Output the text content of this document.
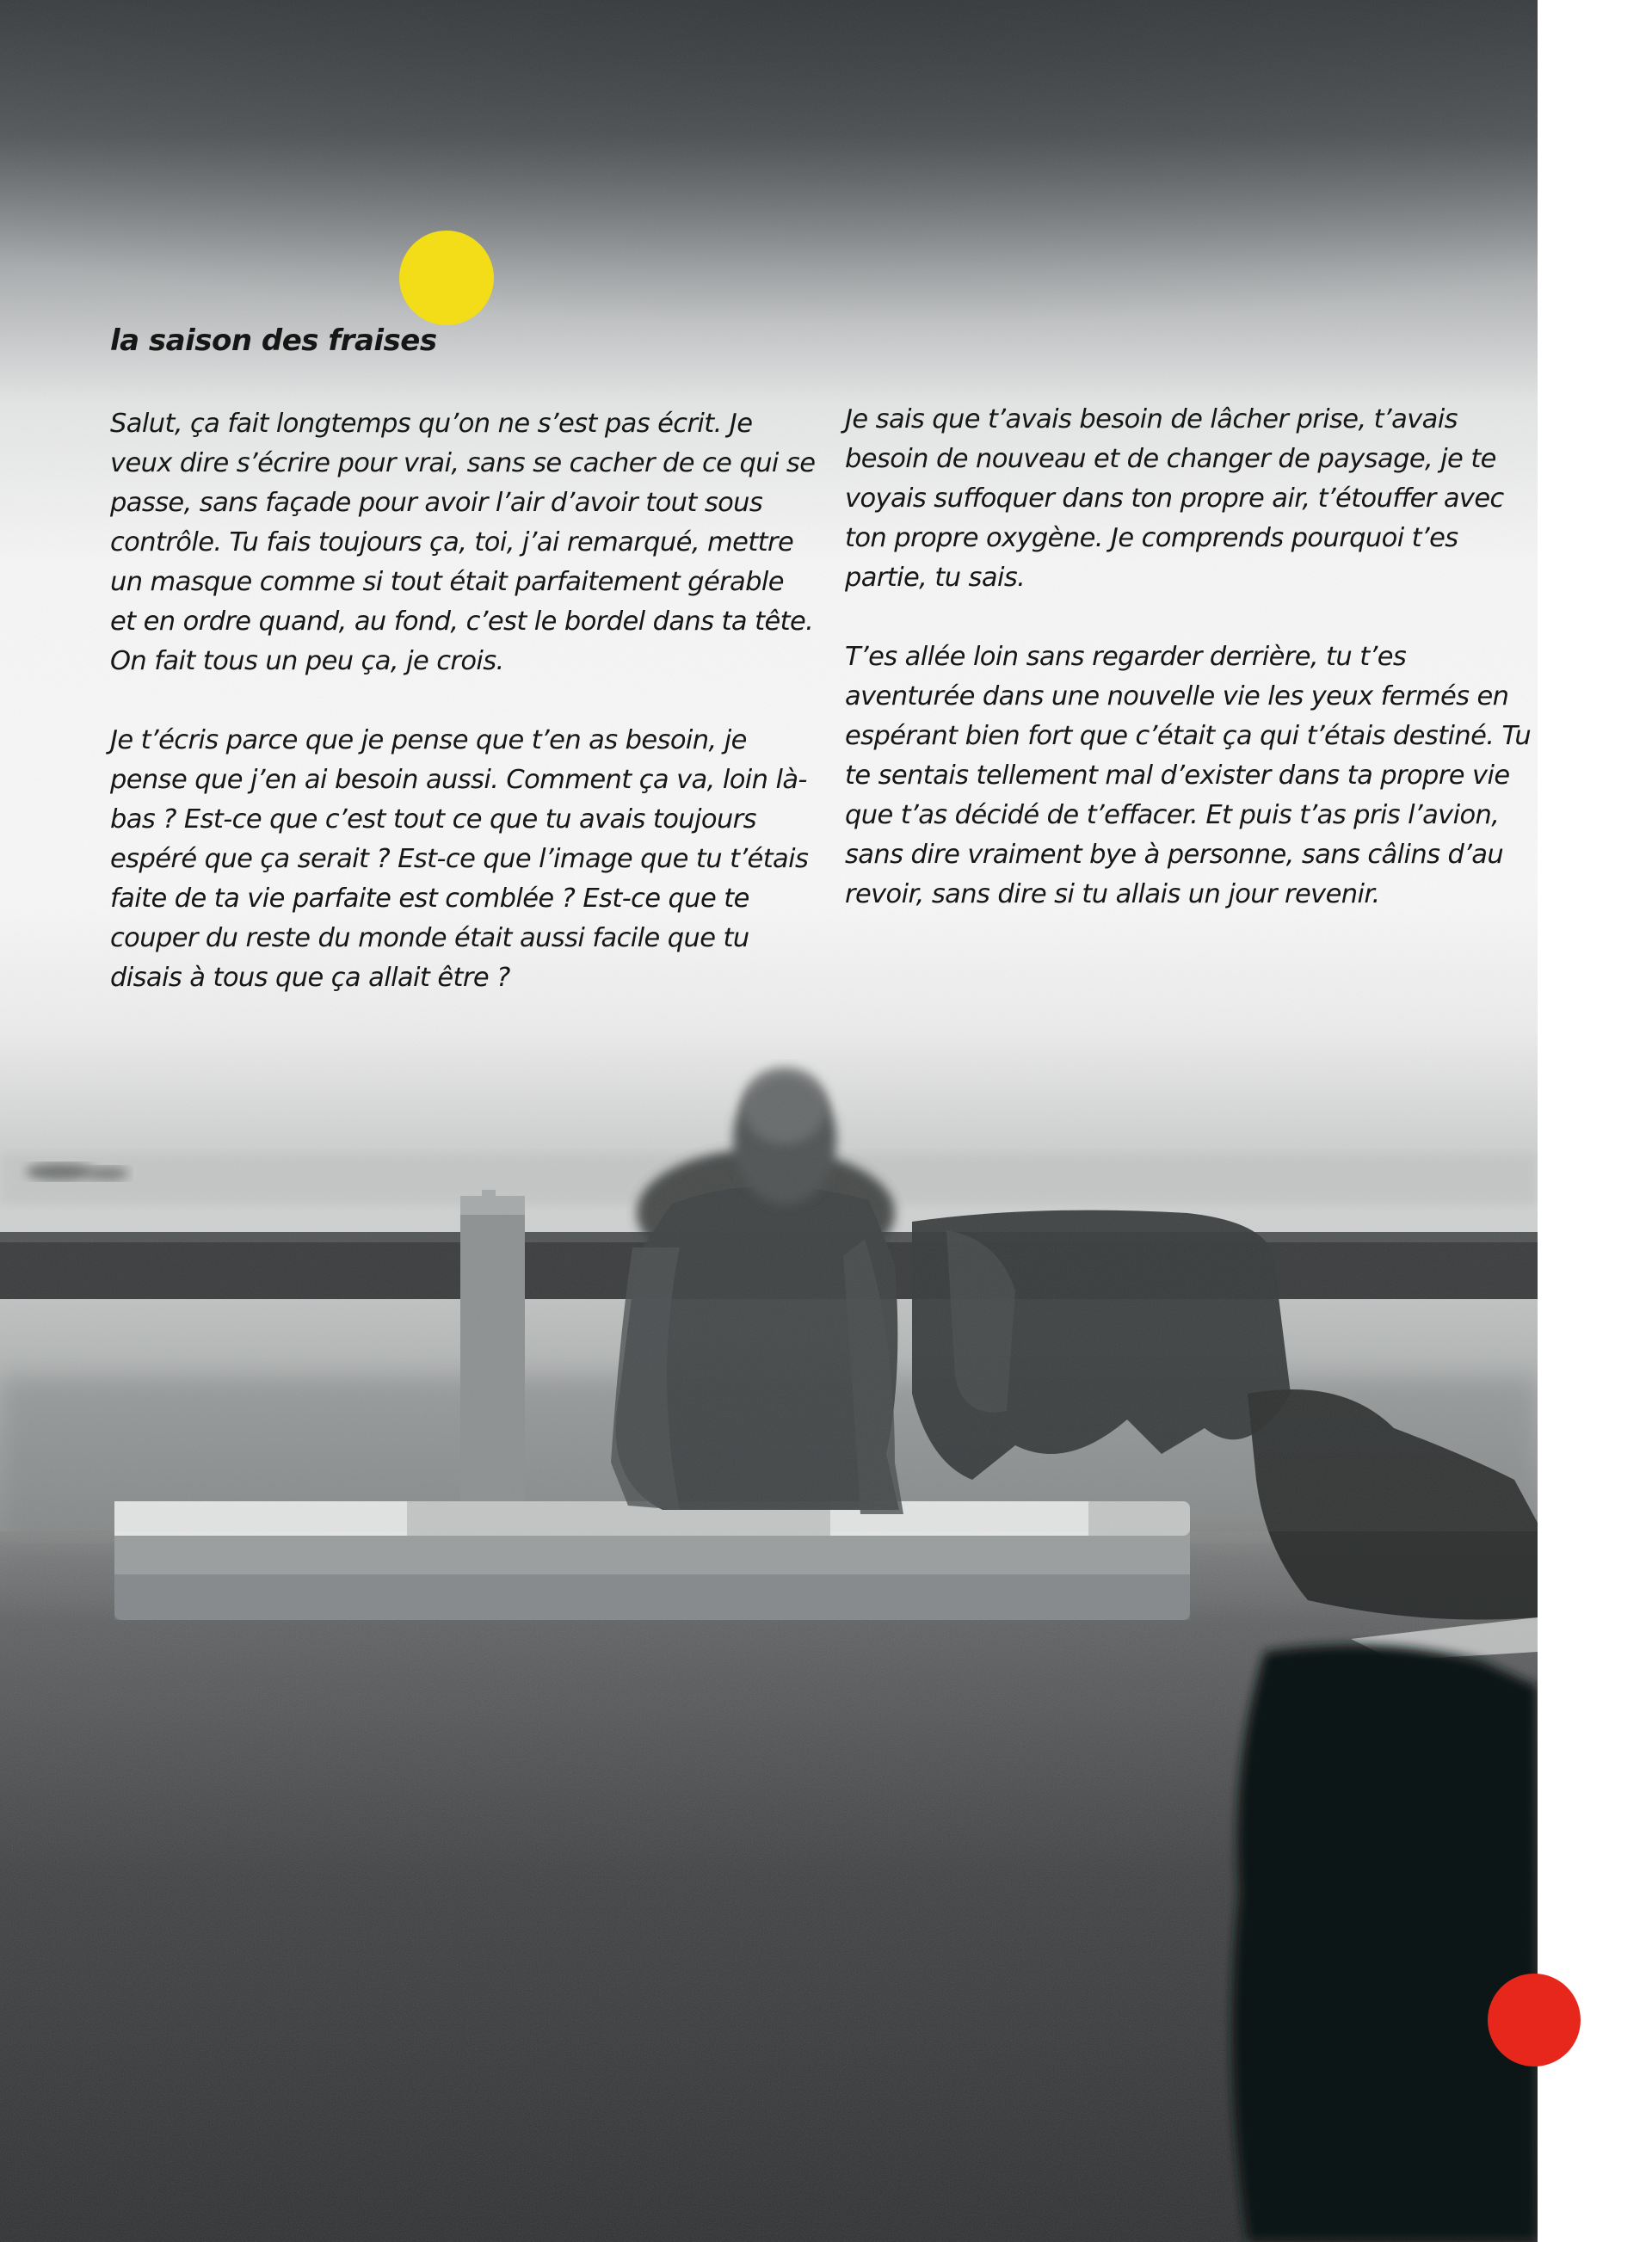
la saison des fraises

Salut, ça fait longtemps qu’on ne s’est pas écrit. Je veux dire s’écrire pour vrai, sans se cacher de ce qui se passe, sans façade pour avoir l’air d’avoir tout sous contrôle. Tu fais toujours ça, toi, j’ai remarqué, mettre un masque comme si tout était parfaitement gérable et en ordre quand, au fond, c’est le bordel dans ta tête. On fait tous un peu ça, je crois.

Je t’écris parce que je pense que t’en as besoin, je pense que j’en ai besoin aussi. Comment ça va, loin là-bas ? Est-ce que c’est tout ce que tu avais toujours espéré que ça serait ? Est-ce que l’image que tu t’étais faite de ta vie parfaite est comblée ? Est-ce que te couper du reste du monde était aussi facile que tu disais à tous que ça allait être ?

Je sais que t’avais besoin de lâcher prise, t’avais besoin de nouveau et de changer de paysage, je te voyais suffoquer dans ton propre air, t’étouffer avec ton propre oxygène. Je comprends pourquoi t’es partie, tu sais.

T’es allée loin sans regarder derrière, tu t’es aventurée dans une nouvelle vie les yeux fermés en espérant bien fort que c’était ça qui t’étais destiné. Tu te sentais tellement mal d’exister dans ta propre vie que t’as décidé de t’effacer. Et puis t’as pris l’avion, sans dire vraiment bye à personne, sans câlins d’au revoir, sans dire si tu allais un jour revenir.
